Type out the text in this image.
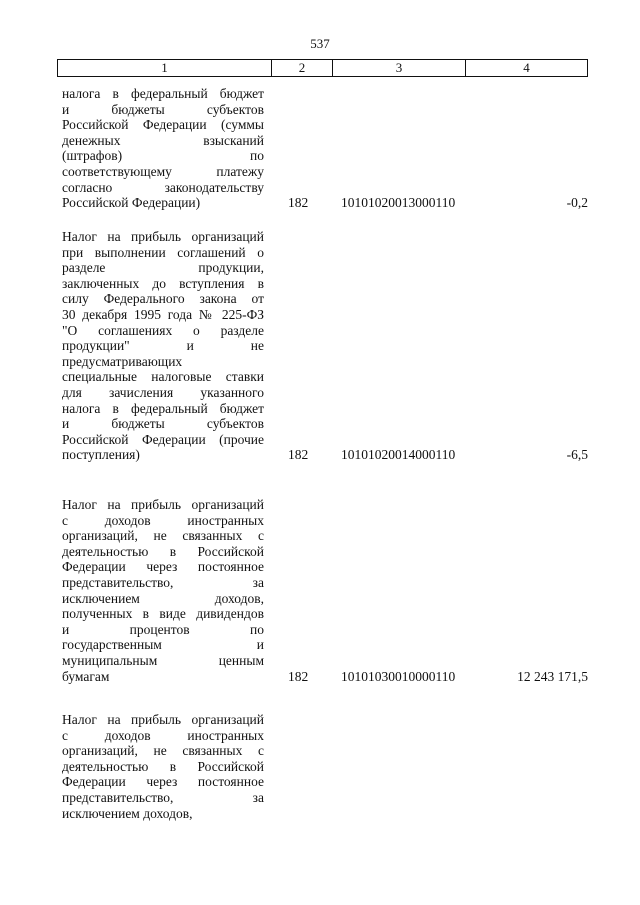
537
1	2	3	4
налога в федеральный бюджет
и бюджеты субъектов
Российской Федерации (суммы
денежных взысканий
(штрафов) по
соответствующему платежу
согласно законодательству
Российской Федерации)	182 10101020013000110	-0,2
Налог на прибыль организаций
при выполнении соглашений о
разделе продукции,
заключенных до вступления в
силу Федерального закона от
30 декабря 1995 года № 225-ФЗ
"О соглашениях о разделе
продукции" и не
предусматривающих
специальные налоговые ставки
для зачисления указанного
налога в федеральный бюджет
и бюджеты субъектов
Российской Федерации (прочие
поступления)	182 10101020014000110	-6,5
Налог на прибыль организаций
с доходов иностранных
организаций, не связанных с
деятельностью в Российской
Федерации через постоянное
представительство, за
исключением доходов,
полученных в виде дивидендов
и процентов по
государственным и
муниципальным ценным
бумагам	182 10101030010000110	12 243 171,5
Налог на прибыль организаций
с доходов иностранных
организаций, не связанных с
деятельностью в Российской
Федерации через постоянное
представительство, за
исключением доходов,
